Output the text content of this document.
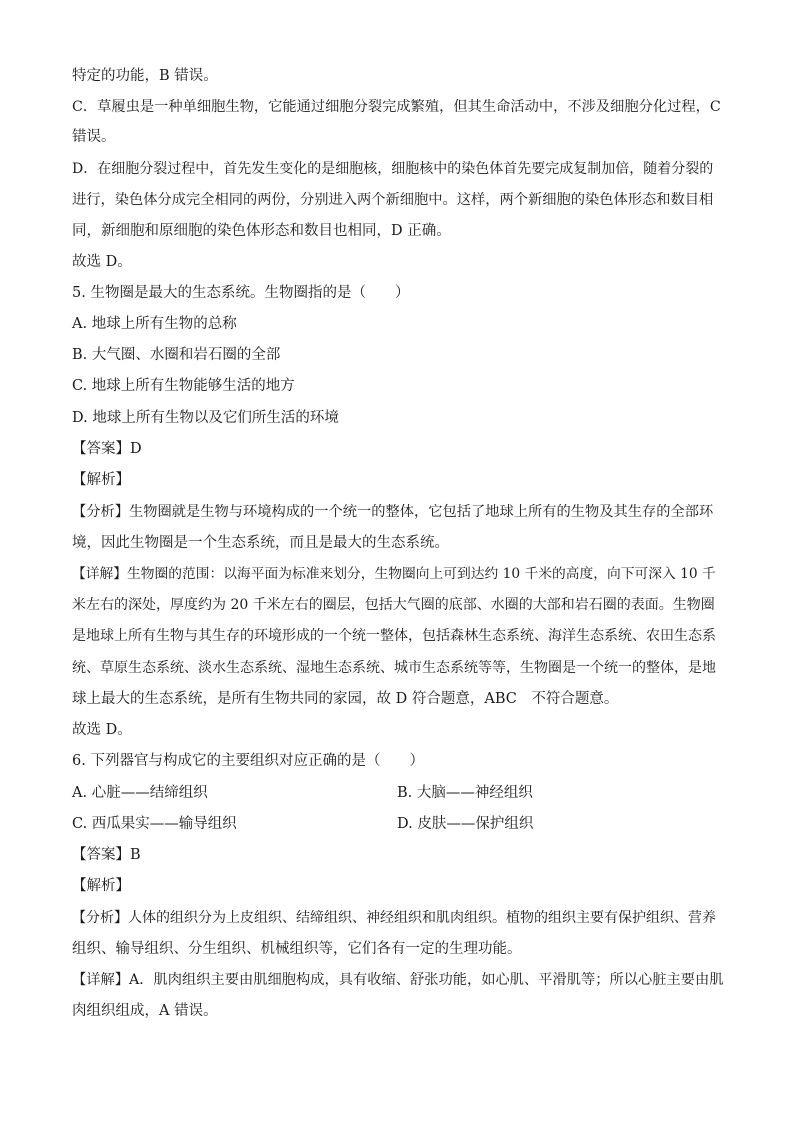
特定的功能，B 错误。
C．草履虫是一种单细胞生物，它能通过细胞分裂完成繁殖，但其生命活动中，不涉及细胞分化过程，C
错误。
D．在细胞分裂过程中，首先发生变化的是细胞核，细胞核中的染色体首先要完成复制加倍，随着分裂的
进行，染色体分成完全相同的两份，分别进入两个新细胞中。这样，两个新细胞的染色体形态和数目相
同，新细胞和原细胞的染色体形态和数目也相同，D 正确。
故选 D。
5. 生物圈是最大的生态系统。生物圈指的是（　　）
A. 地球上所有生物的总称
B. 大气圈、水圈和岩石圈的全部
C. 地球上所有生物能够生活的地方
D. 地球上所有生物以及它们所生活的环境
【答案】D
【解析】
【分析】生物圈就是生物与环境构成的一个统一的整体，它包括了地球上所有的生物及其生存的全部环
境，因此生物圈是一个生态系统，而且是最大的生态系统。
【详解】生物圈的范围：以海平面为标准来划分，生物圈向上可到达约 10 千米的高度，向下可深入 10 千
米左右的深处，厚度约为 20 千米左右的圈层，包括大气圈的底部、水圈的大部和岩石圈的表面。生物圈
是地球上所有生物与其生存的环境形成的一个统一整体，包括森林生态系统、海洋生态系统、农田生态系
统、草原生态系统、淡水生态系统、湿地生态系统、城市生态系统等等，生物圈是一个统一的整体，是地
球上最大的生态系统，是所有生物共同的家园，故 D 符合题意，ABC　不符合题意。
故选 D。
6. 下列器官与构成它的主要组织对应正确的是（　　）
A. 心脏——结缔组织	B. 大脑——神经组织
C. 西瓜果实——输导组织	D. 皮肤——保护组织
【答案】B
【解析】
【分析】人体的组织分为上皮组织、结缔组织、神经组织和肌肉组织。植物的组织主要有保护组织、营养
组织、输导组织、分生组织、机械组织等，它们各有一定的生理功能。
【详解】A．肌肉组织主要由肌细胞构成，具有收缩、舒张功能，如心肌、平滑肌等；所以心脏主要由肌
肉组织组成，A 错误。
